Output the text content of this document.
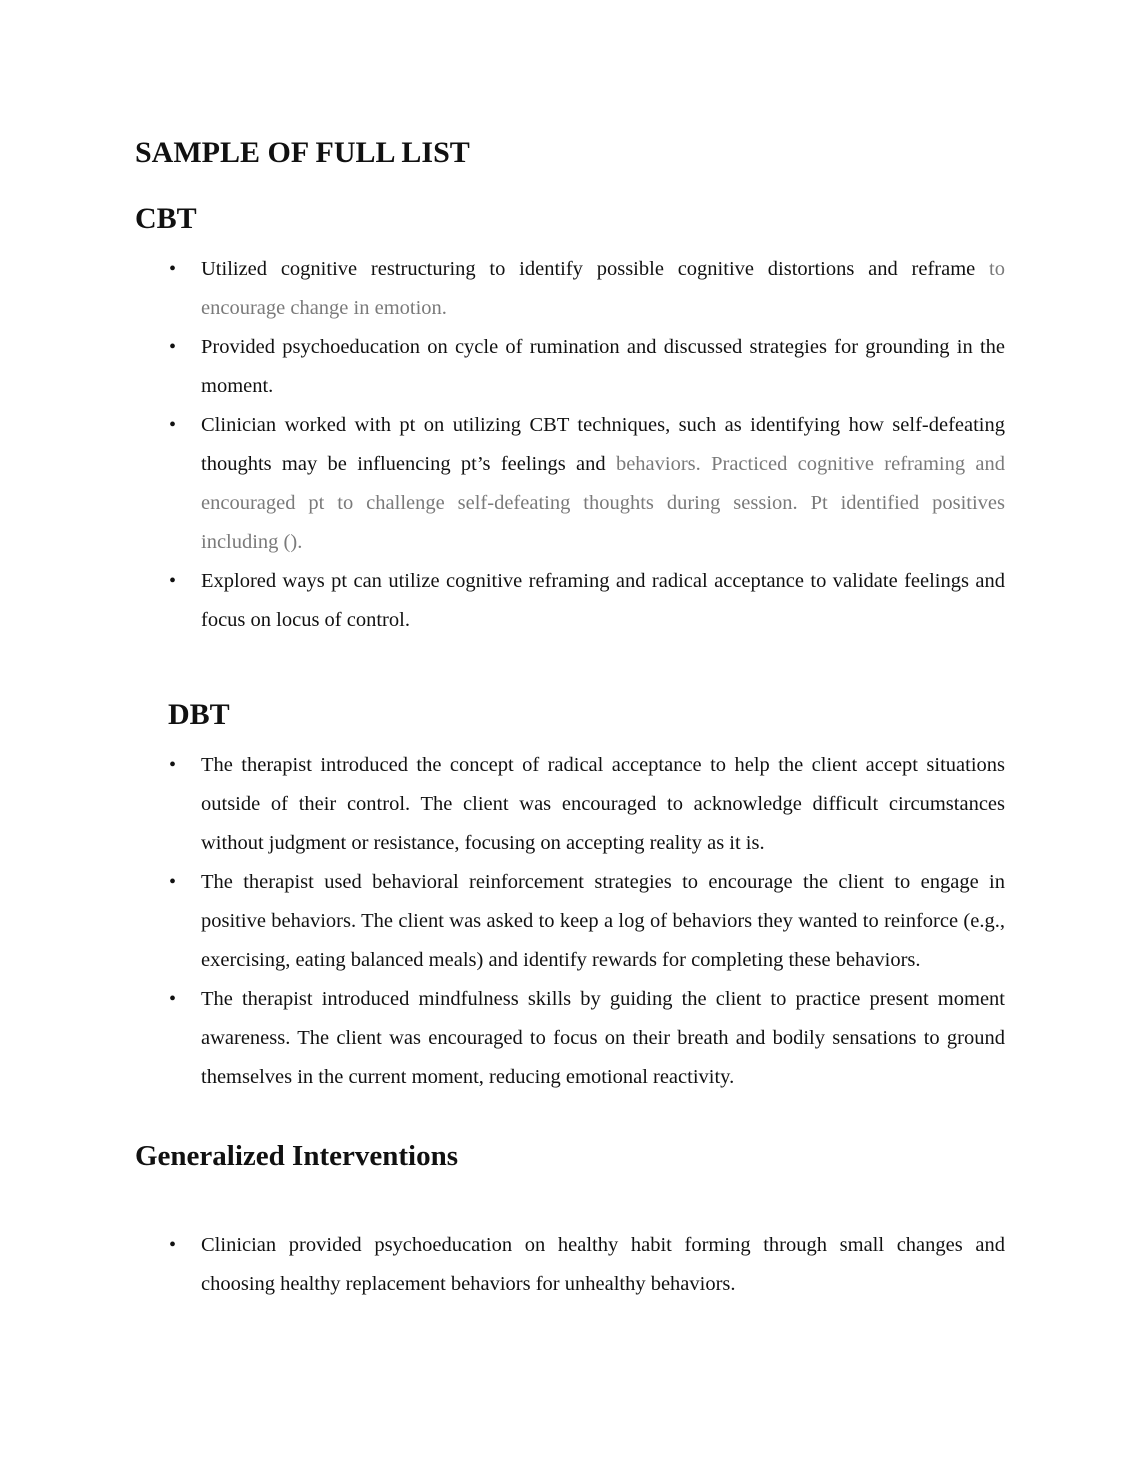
SAMPLE OF FULL LIST
CBT
• Utilized cognitive restructuring to identify possible cognitive distortions and reframe to encourage change in emotion.
• Provided psychoeducation on cycle of rumination and discussed strategies for grounding in the moment.
• Clinician worked with pt on utilizing CBT techniques, such as identifying how self-defeating thoughts may be influencing pt’s feelings and behaviors. Practiced cognitive reframing and encouraged pt to challenge self-defeating thoughts during session. Pt identified positives including ().
• Explored ways pt can utilize cognitive reframing and radical acceptance to validate feelings and focus on locus of control.
DBT
• The therapist introduced the concept of radical acceptance to help the client accept situations outside of their control. The client was encouraged to acknowledge difficult circumstances without judgment or resistance, focusing on accepting reality as it is.
• The therapist used behavioral reinforcement strategies to encourage the client to engage in positive behaviors. The client was asked to keep a log of behaviors they wanted to reinforce (e.g., exercising, eating balanced meals) and identify rewards for completing these behaviors.
• The therapist introduced mindfulness skills by guiding the client to practice present moment awareness. The client was encouraged to focus on their breath and bodily sensations to ground themselves in the current moment, reducing emotional reactivity.
Generalized Interventions
• Clinician provided psychoeducation on healthy habit forming through small changes and choosing healthy replacement behaviors for unhealthy behaviors.
